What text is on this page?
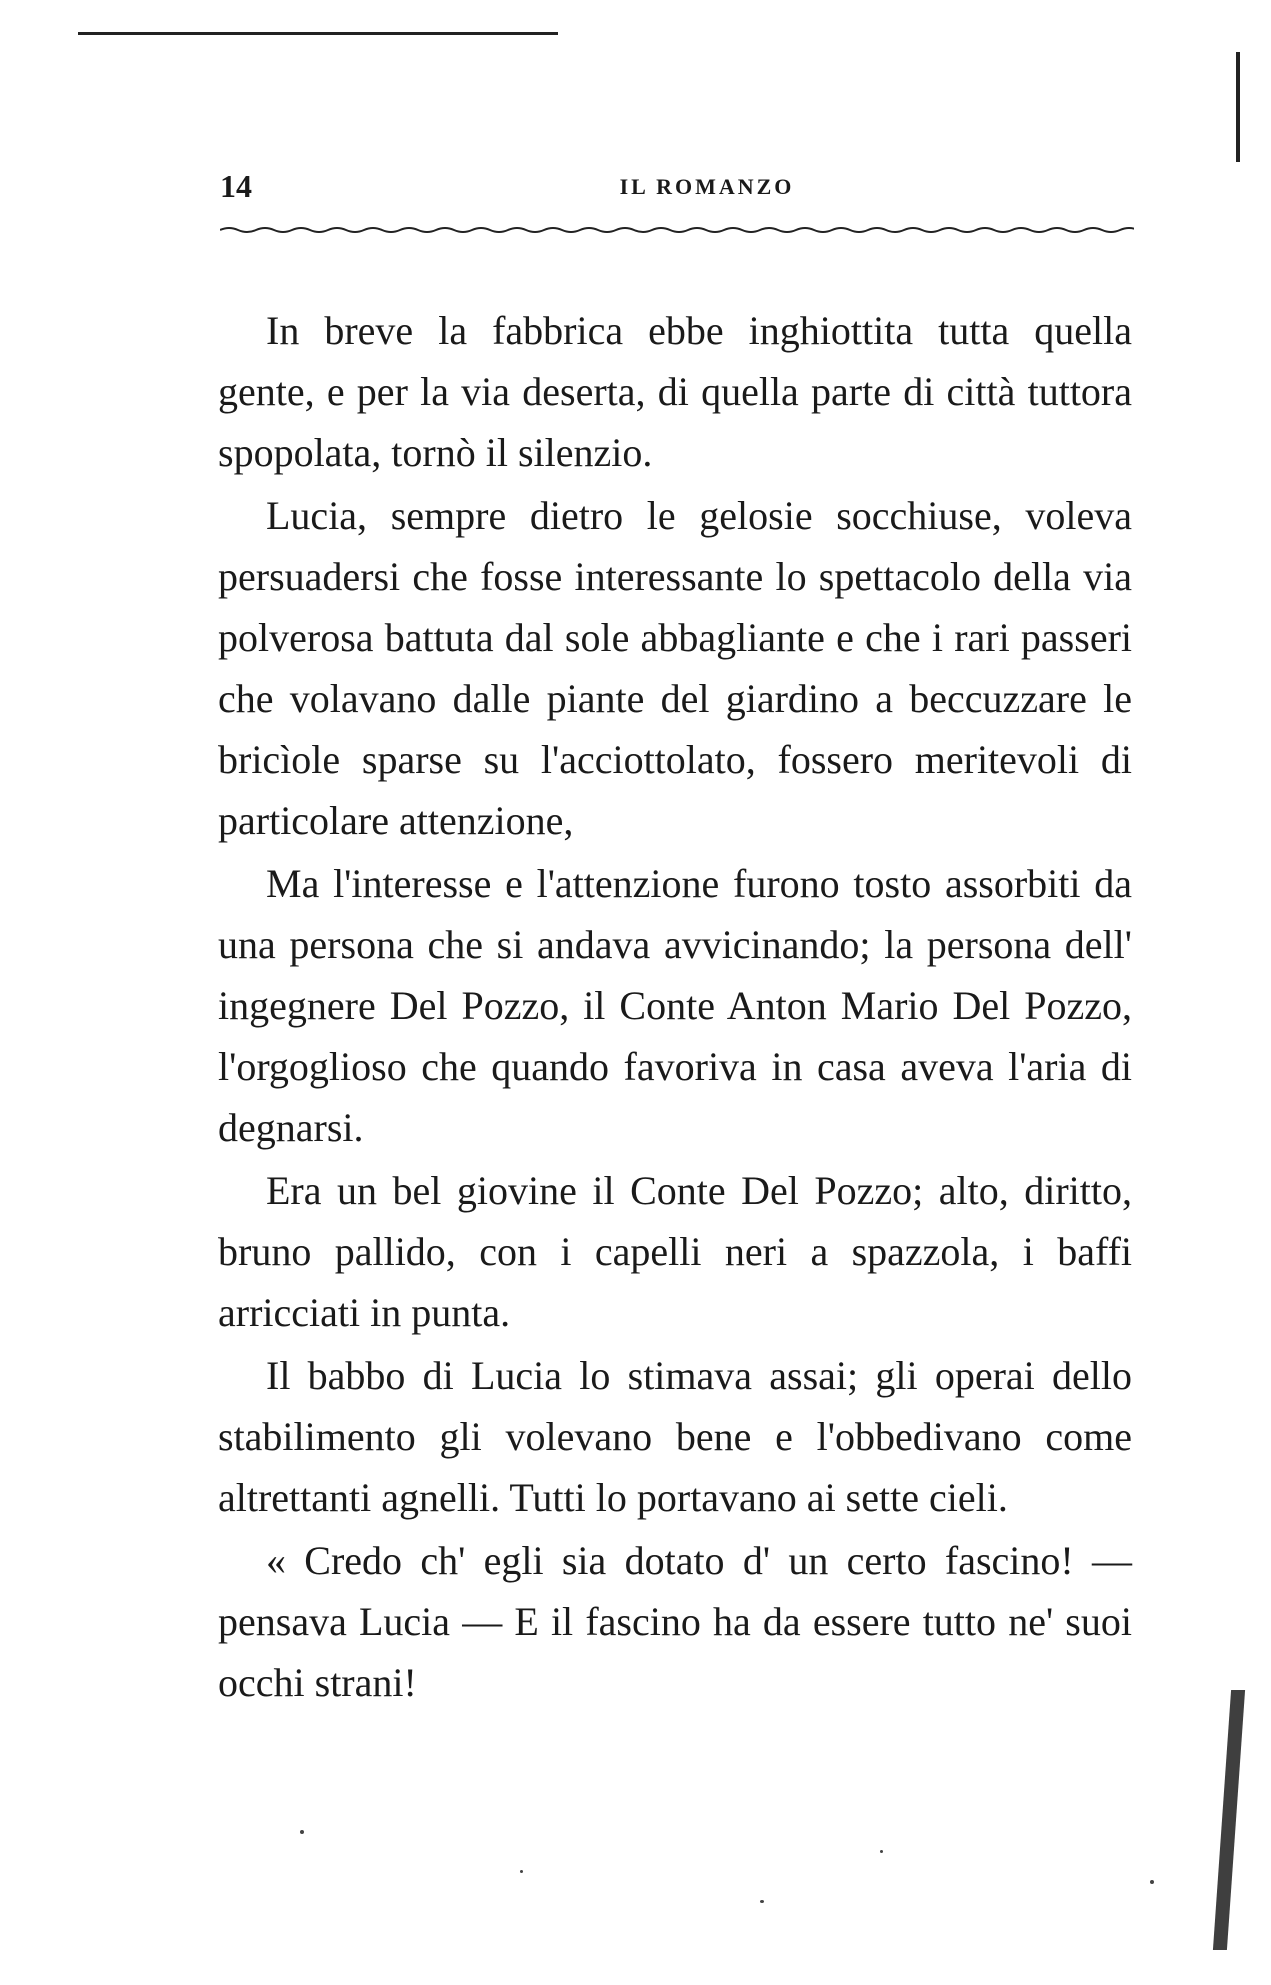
14	IL ROMANZO

In breve la fabbrica ebbe inghiottita tutta quella gente, e per la via deserta, di quella parte di città tuttora spopolata, tornò il silenzio.

Lucia, sempre dietro le gelosie socchiuse, voleva persuadersi che fosse interessante lo spettacolo della via polverosa battuta dal sole abbagliante e che i rari passeri che volavano dalle piante del giardino a beccuzzare le bricìole sparse su l'acciottolato, fossero meritevoli di particolare attenzione,

Ma l'interesse e l'attenzione furono tosto assorbiti da una persona che si andava avvicinando; la persona dell' ingegnere Del Pozzo, il Conte Anton Mario Del Pozzo, l'orgoglioso che quando favoriva in casa aveva l'aria di degnarsi.

Era un bel giovine il Conte Del Pozzo; alto, diritto, bruno pallido, con i capelli neri a spazzola, i baffi arricciati in punta.

Il babbo di Lucia lo stimava assai; gli operai dello stabilimento gli volevano bene e l'obbedivano come altrettanti agnelli. Tutti lo portavano ai sette cieli.

« Credo ch' egli sia dotato d' un certo fascino! — pensava Lucia — E il fascino ha da essere tutto ne' suoi occhi strani!
